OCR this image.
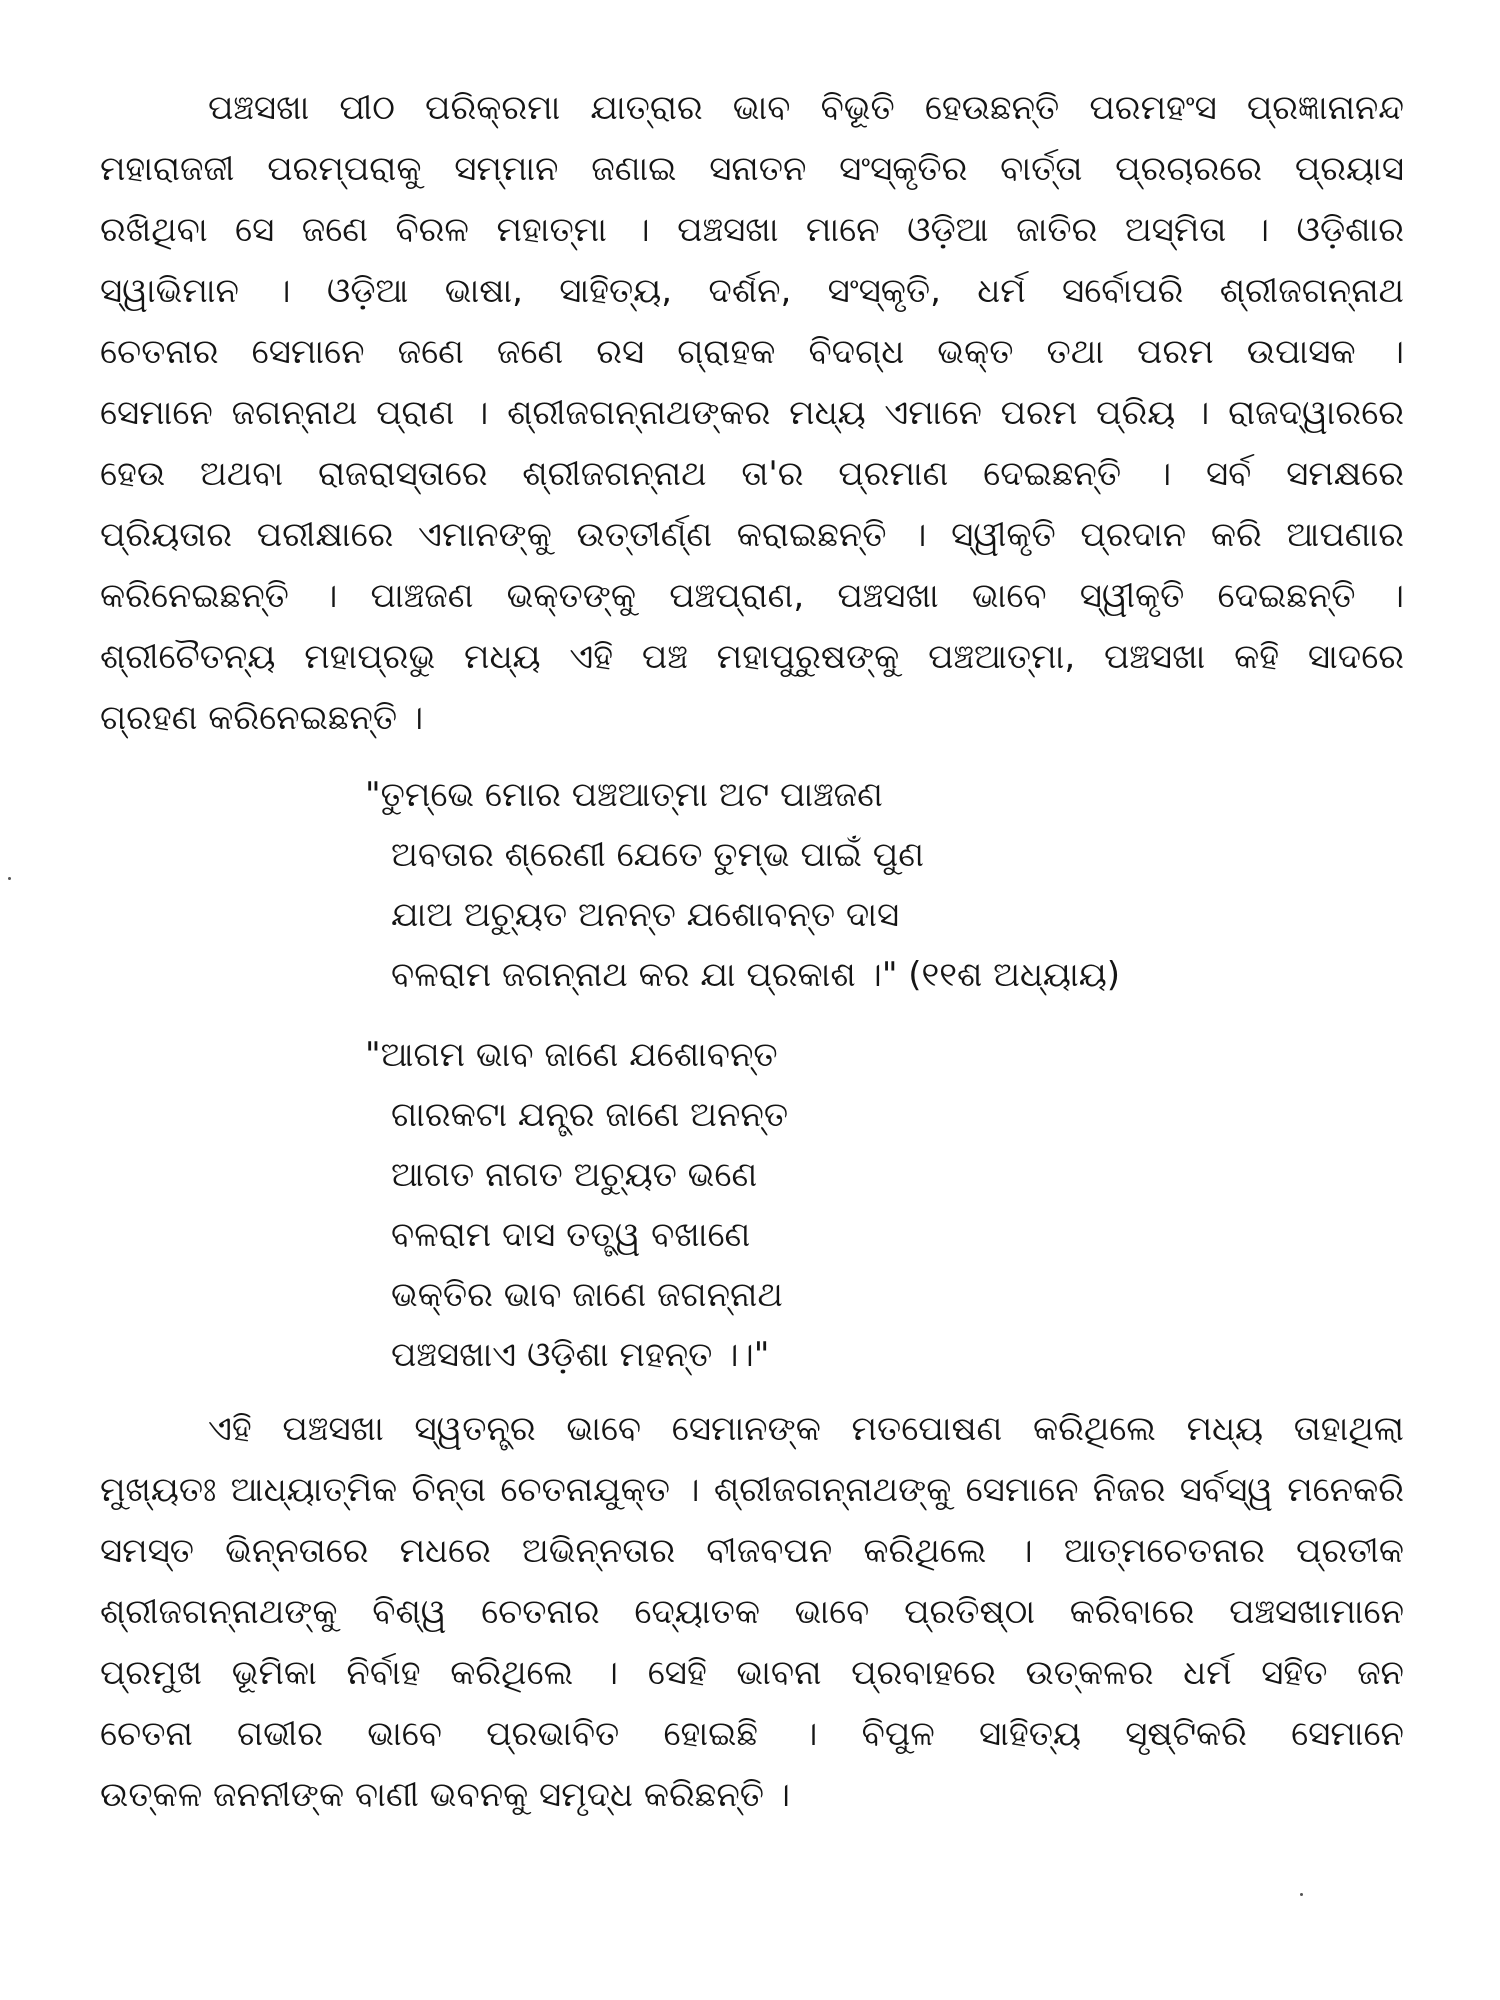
ପଞ୍ଚସଖା ପୀଠ ପରିକ୍ରମା ଯାତ୍ରାର ଭାବ ବିଭୂତି ହେଉଛନ୍ତି ପରମହଂସ ପ୍ରଜ୍ଞାନାନନ୍ଦ
ମହାରାଜଜୀ ପରମ୍ପରାକୁ ସମ୍ମାନ ଜଣାଇ ସନାତନ ସଂସ୍କୃତିର ବାର୍ତ୍ତା ପ୍ରଚାରରେ ପ୍ରୟାସ
ରଖିଥିବା ସେ ଜଣେ ବିରଳ ମହାତ୍ମା । ପଞ୍ଚସଖା ମାନେ ଓଡ଼ିଆ ଜାତିର ଅସ୍ମିତା । ଓଡ଼ିଶାର
ସ୍ୱାଭିମାନ । ଓଡ଼ିଆ ଭାଷା, ସାହିତ୍ୟ, ଦର୍ଶନ, ସଂସ୍କୃତି, ଧର୍ମ ସର୍ବୋପରି ଶ୍ରୀଜଗନ୍ନାଥ
ଚେତନାର ସେମାନେ ଜଣେ ଜଣେ ରସ ଗ୍ରାହକ ବିଦଗ୍ଧ ଭକ୍ତ ତଥା ପରମ ଉପାସକ ।
ସେମାନେ ଜଗନ୍ନାଥ ପ୍ରାଣ । ଶ୍ରୀଜଗନ୍ନାଥଙ୍କର ମଧ୍ୟ ଏମାନେ ପରମ ପ୍ରିୟ । ରାଜଦ୍ୱାରରେ
ହେଉ ଅଥବା ରାଜରାସ୍ତାରେ ଶ୍ରୀଜଗନ୍ନାଥ ତା'ର ପ୍ରମାଣ ଦେଇଛନ୍ତି । ସର୍ବ ସମକ୍ଷରେ
ପ୍ରିୟତାର ପରୀକ୍ଷାରେ ଏମାନଙ୍କୁ ଉତ୍ତୀର୍ଣ୍ଣ କରାଇଛନ୍ତି । ସ୍ୱୀକୃତି ପ୍ରଦାନ କରି ଆପଣାର
କରିନେଇଛନ୍ତି । ପାଞ୍ଚଜଣ ଭକ୍ତଙ୍କୁ ପଞ୍ଚପ୍ରାଣ, ପଞ୍ଚସଖା ଭାବେ ସ୍ୱୀକୃତି ଦେଇଛନ୍ତି ।
ଶ୍ରୀଚୈତନ୍ୟ ମହାପ୍ରଭୁ ମଧ୍ୟ ଏହି ପଞ୍ଚ ମହାପୁରୁଷଙ୍କୁ ପଞ୍ଚଆତ୍ମା, ପଞ୍ଚସଖା କହି ସାଦରେ
ଗ୍ରହଣ କରିନେଇଛନ୍ତି ।
"ତୁମ୍ଭେ ମୋର ପଞ୍ଚଆତ୍ମା ଅଟ ପାଞ୍ଚଜଣ
ଅବତାର ଶ୍ରେଣୀ ଯେତେ ତୁମ୍ଭ ପାଇଁ ପୁଣ
ଯାଅ ଅଚ୍ୟୁତ ଅନନ୍ତ ଯଶୋବନ୍ତ ଦାସ
ବଳରାମ ଜଗନ୍ନାଥ କର ଯା ପ୍ରକାଶ ।" (୧୧ଶ ଅଧ୍ୟାୟ)
"ଆଗମ ଭାବ ଜାଣେ ଯଶୋବନ୍ତ
ଗାରକଟା ଯନ୍ତ୍ର ଜାଣେ ଅନନ୍ତ
ଆଗତ ନାଗତ ଅଚ୍ୟୁତ ଭଣେ
ବଳରାମ ଦାସ ତତ୍ତ୍ୱ ବଖାଣେ
ଭକ୍ତିର ଭାବ ଜାଣେ ଜଗନ୍ନାଥ
ପଞ୍ଚସଖାଏ ଓଡ଼ିଶା ମହନ୍ତ ।।"
ଏହି ପଞ୍ଚସଖା ସ୍ୱତନ୍ତ୍ର ଭାବେ ସେମାନଙ୍କ ମତପୋଷଣ କରିଥିଲେ ମଧ୍ୟ ତାହାଥିଲା
ମୁଖ୍ୟତଃ ଆଧ୍ୟାତ୍ମିକ ଚିନ୍ତା ଚେତନାଯୁକ୍ତ । ଶ୍ରୀଜଗନ୍ନାଥଙ୍କୁ ସେମାନେ ନିଜର ସର୍ବସ୍ୱ ମନେକରି
ସମସ୍ତ ଭିନ୍ନତାରେ ମଧରେ ଅଭିନ୍ନତାର ବୀଜବପନ କରିଥିଲେ । ଆତ୍ମଚେତନାର ପ୍ରତୀକ
ଶ୍ରୀଜଗନ୍ନାଥଙ୍କୁ ବିଶ୍ୱ ଚେତନାର ଦ୍ୟୋତକ ଭାବେ ପ୍ରତିଷ୍ଠା କରିବାରେ ପଞ୍ଚସଖାମାନେ
ପ୍ରମୁଖ ଭୂମିକା ନିର୍ବାହ କରିଥିଲେ । ସେହି ଭାବନା ପ୍ରବାହରେ ଉତ୍କଳର ଧର୍ମ ସହିତ ଜନ
ଚେତନା ଗଭୀର ଭାବେ ପ୍ରଭାବିତ ହୋଇଛି । ବିପୁଳ ସାହିତ୍ୟ ସୃଷ୍ଟିକରି ସେମାନେ
ଉତ୍କଳ ଜନନୀଙ୍କ ବାଣୀ ଭବନକୁ ସମୃଦ୍ଧ କରିଛନ୍ତି ।
